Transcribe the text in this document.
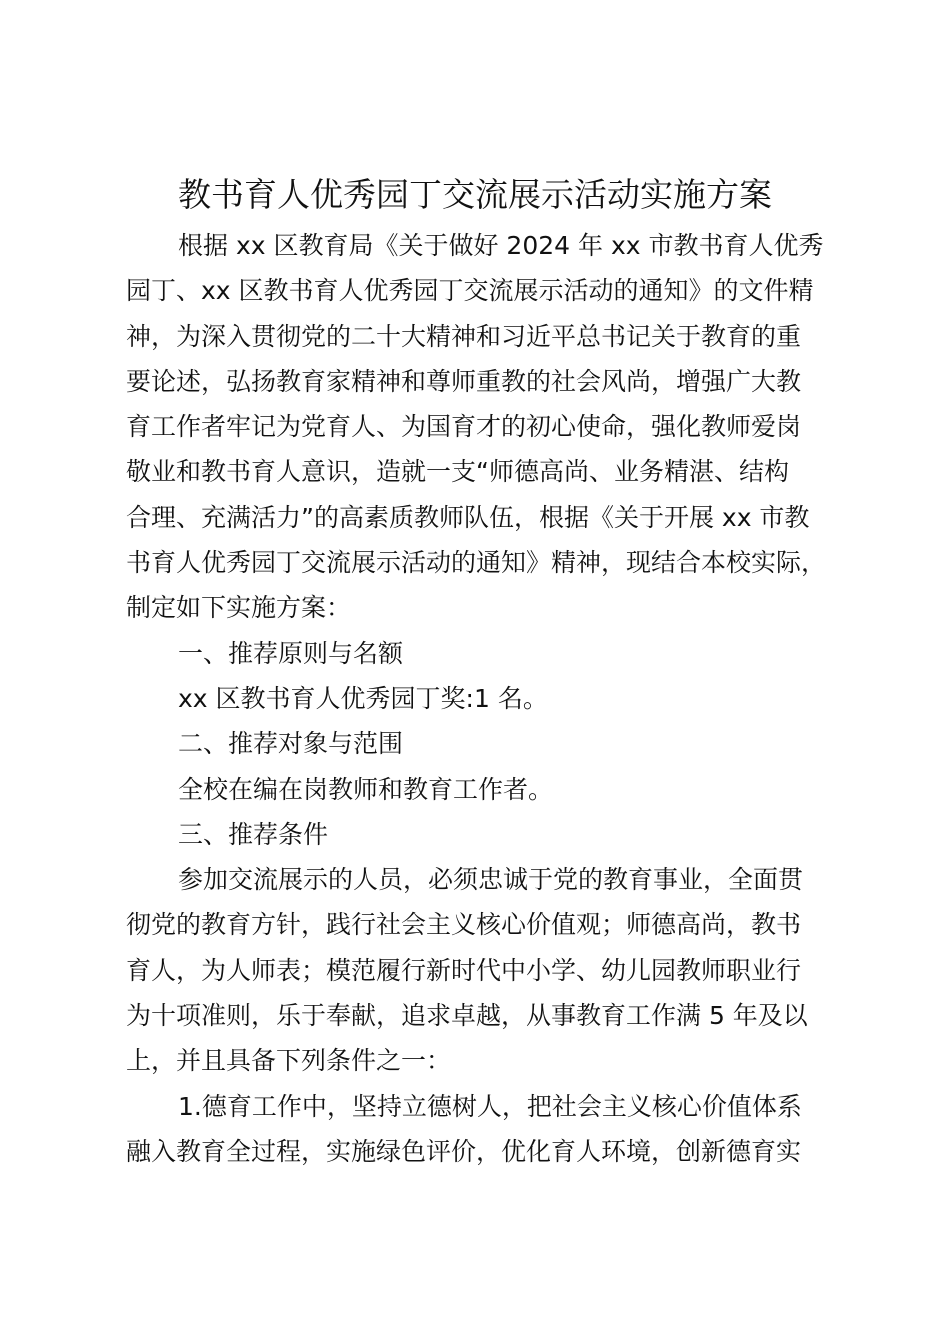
教书育人优秀园丁交流展示活动实施方案
根据 xx 区教育局《关于做好 2024 年 xx 市教书育人优秀
园丁、xx 区教书育人优秀园丁交流展示活动的通知》的文件精
神，为深入贯彻党的二十大精神和习近平总书记关于教育的重
要论述，弘扬教育家精神和尊师重教的社会风尚，增强广大教
育工作者牢记为党育人、为国育才的初心使命，强化教师爱岗
敬业和教书育人意识，造就一支“师德高尚、业务精湛、结构
合理、充满活力”的高素质教师队伍，根据《关于开展 xx 市教
书育人优秀园丁交流展示活动的通知》精神，现结合本校实际，
制定如下实施方案：
一、推荐原则与名额
xx 区教书育人优秀园丁奖:1 名。
二、推荐对象与范围
全校在编在岗教师和教育工作者。
三、推荐条件
参加交流展示的人员，必须忠诚于党的教育事业，全面贯
彻党的教育方针，践行社会主义核心价值观；师德高尚，教书
育人，为人师表；模范履行新时代中小学、幼儿园教师职业行
为十项准则，乐于奉献，追求卓越，从事教育工作满 5 年及以
上，并且具备下列条件之一：
1.德育工作中，坚持立德树人，把社会主义核心价值体系
融入教育全过程，实施绿色评价，优化育人环境，创新德育实
